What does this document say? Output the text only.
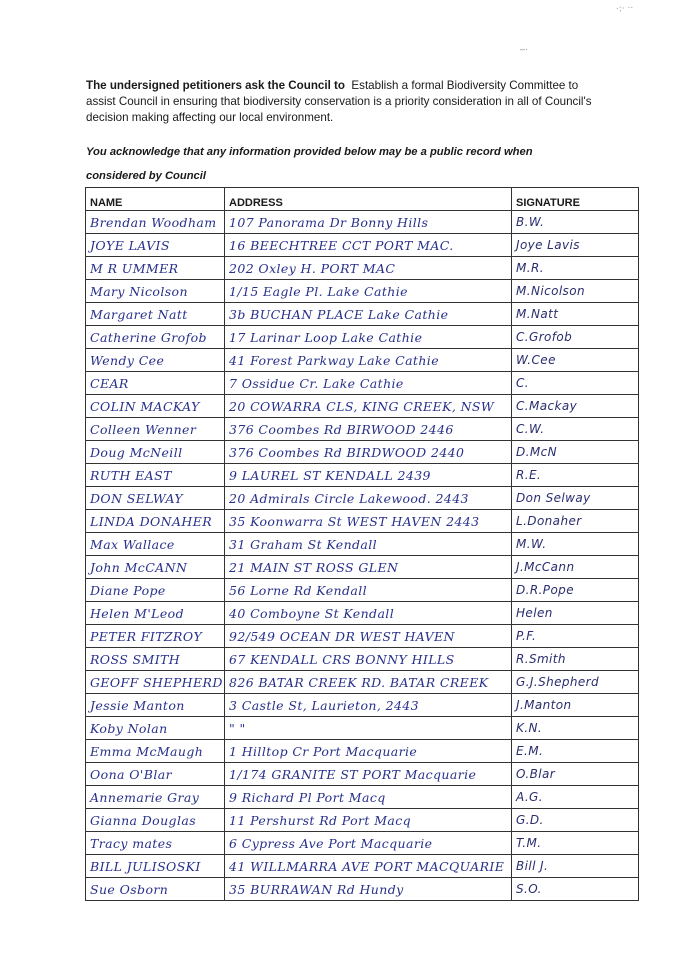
·:· ··
–·
The undersigned petitioners ask the Council to Establish a formal Biodiversity Committee to assist Council in ensuring that biodiversity conservation is a priority consideration in all of Council's decision making affecting our local environment.
You acknowledge that any information provided below may be a public record when considered by Council
NAME	ADDRESS	SIGNATURE
Brendan Woodham	107 Panorama Dr Bonny Hills	B.W.
JOYE LAVIS	16 BEECHTREE CCT PORT MAC.	Joye Lavis
M R UMMER	202 Oxley H. PORT MAC	M.R.
Mary Nicolson	1/15 Eagle Pl. Lake Cathie	M.Nicolson
Margaret Natt	3b BUCHAN PLACE Lake Cathie	M.Natt
Catherine Grofob	17 Larinar Loop Lake Cathie	C.Grofob
Wendy Cee	41 Forest Parkway Lake Cathie	W.Cee
CEAR	7 Ossidue Cr. Lake Cathie	C.
COLIN MACKAY	20 COWARRA CLS, KING CREEK, NSW	C.Mackay
Colleen Wenner	376 Coombes Rd BIRWOOD 2446	C.W.
Doug McNeill	376 Coombes Rd BIRDWOOD 2440	D.McN
RUTH EAST	9 LAUREL ST KENDALL 2439	R.E.
DON SELWAY	20 Admirals Circle Lakewood. 2443	Don Selway
LINDA DONAHER	35 Koonwarra St WEST HAVEN 2443	L.Donaher
Max Wallace	31 Graham St Kendall	M.W.
John McCANN	21 MAIN ST ROSS GLEN	J.McCann
Diane Pope	56 Lorne Rd Kendall	D.R.Pope
Helen M'Leod	40 Comboyne St Kendall	Helen
PETER FITZROY	92/549 OCEAN DR WEST HAVEN	P.F.
ROSS SMITH	67 KENDALL CRS BONNY HILLS	R.Smith
GEOFF SHEPHERD	826 BATAR CREEK RD. BATAR CREEK	G.J.Shepherd
Jessie Manton	3 Castle St, Laurieton, 2443	J.Manton
Koby Nolan	" "	K.N.
Emma McMaugh	1 Hilltop Cr Port Macquarie	E.M.
Oona O'Blar	1/174 GRANITE ST PORT Macquarie	O.Blar
Annemarie Gray	9 Richard Pl Port Macq	A.G.
Gianna Douglas	11 Pershurst Rd Port Macq	G.D.
Tracy mates	6 Cypress Ave Port Macquarie	T.M.
BILL JULISOSKI	41 WILLMARRA AVE PORT MACQUARIE	Bill J.
Sue Osborn	35 BURRAWAN Rd Hundy	S.O.
